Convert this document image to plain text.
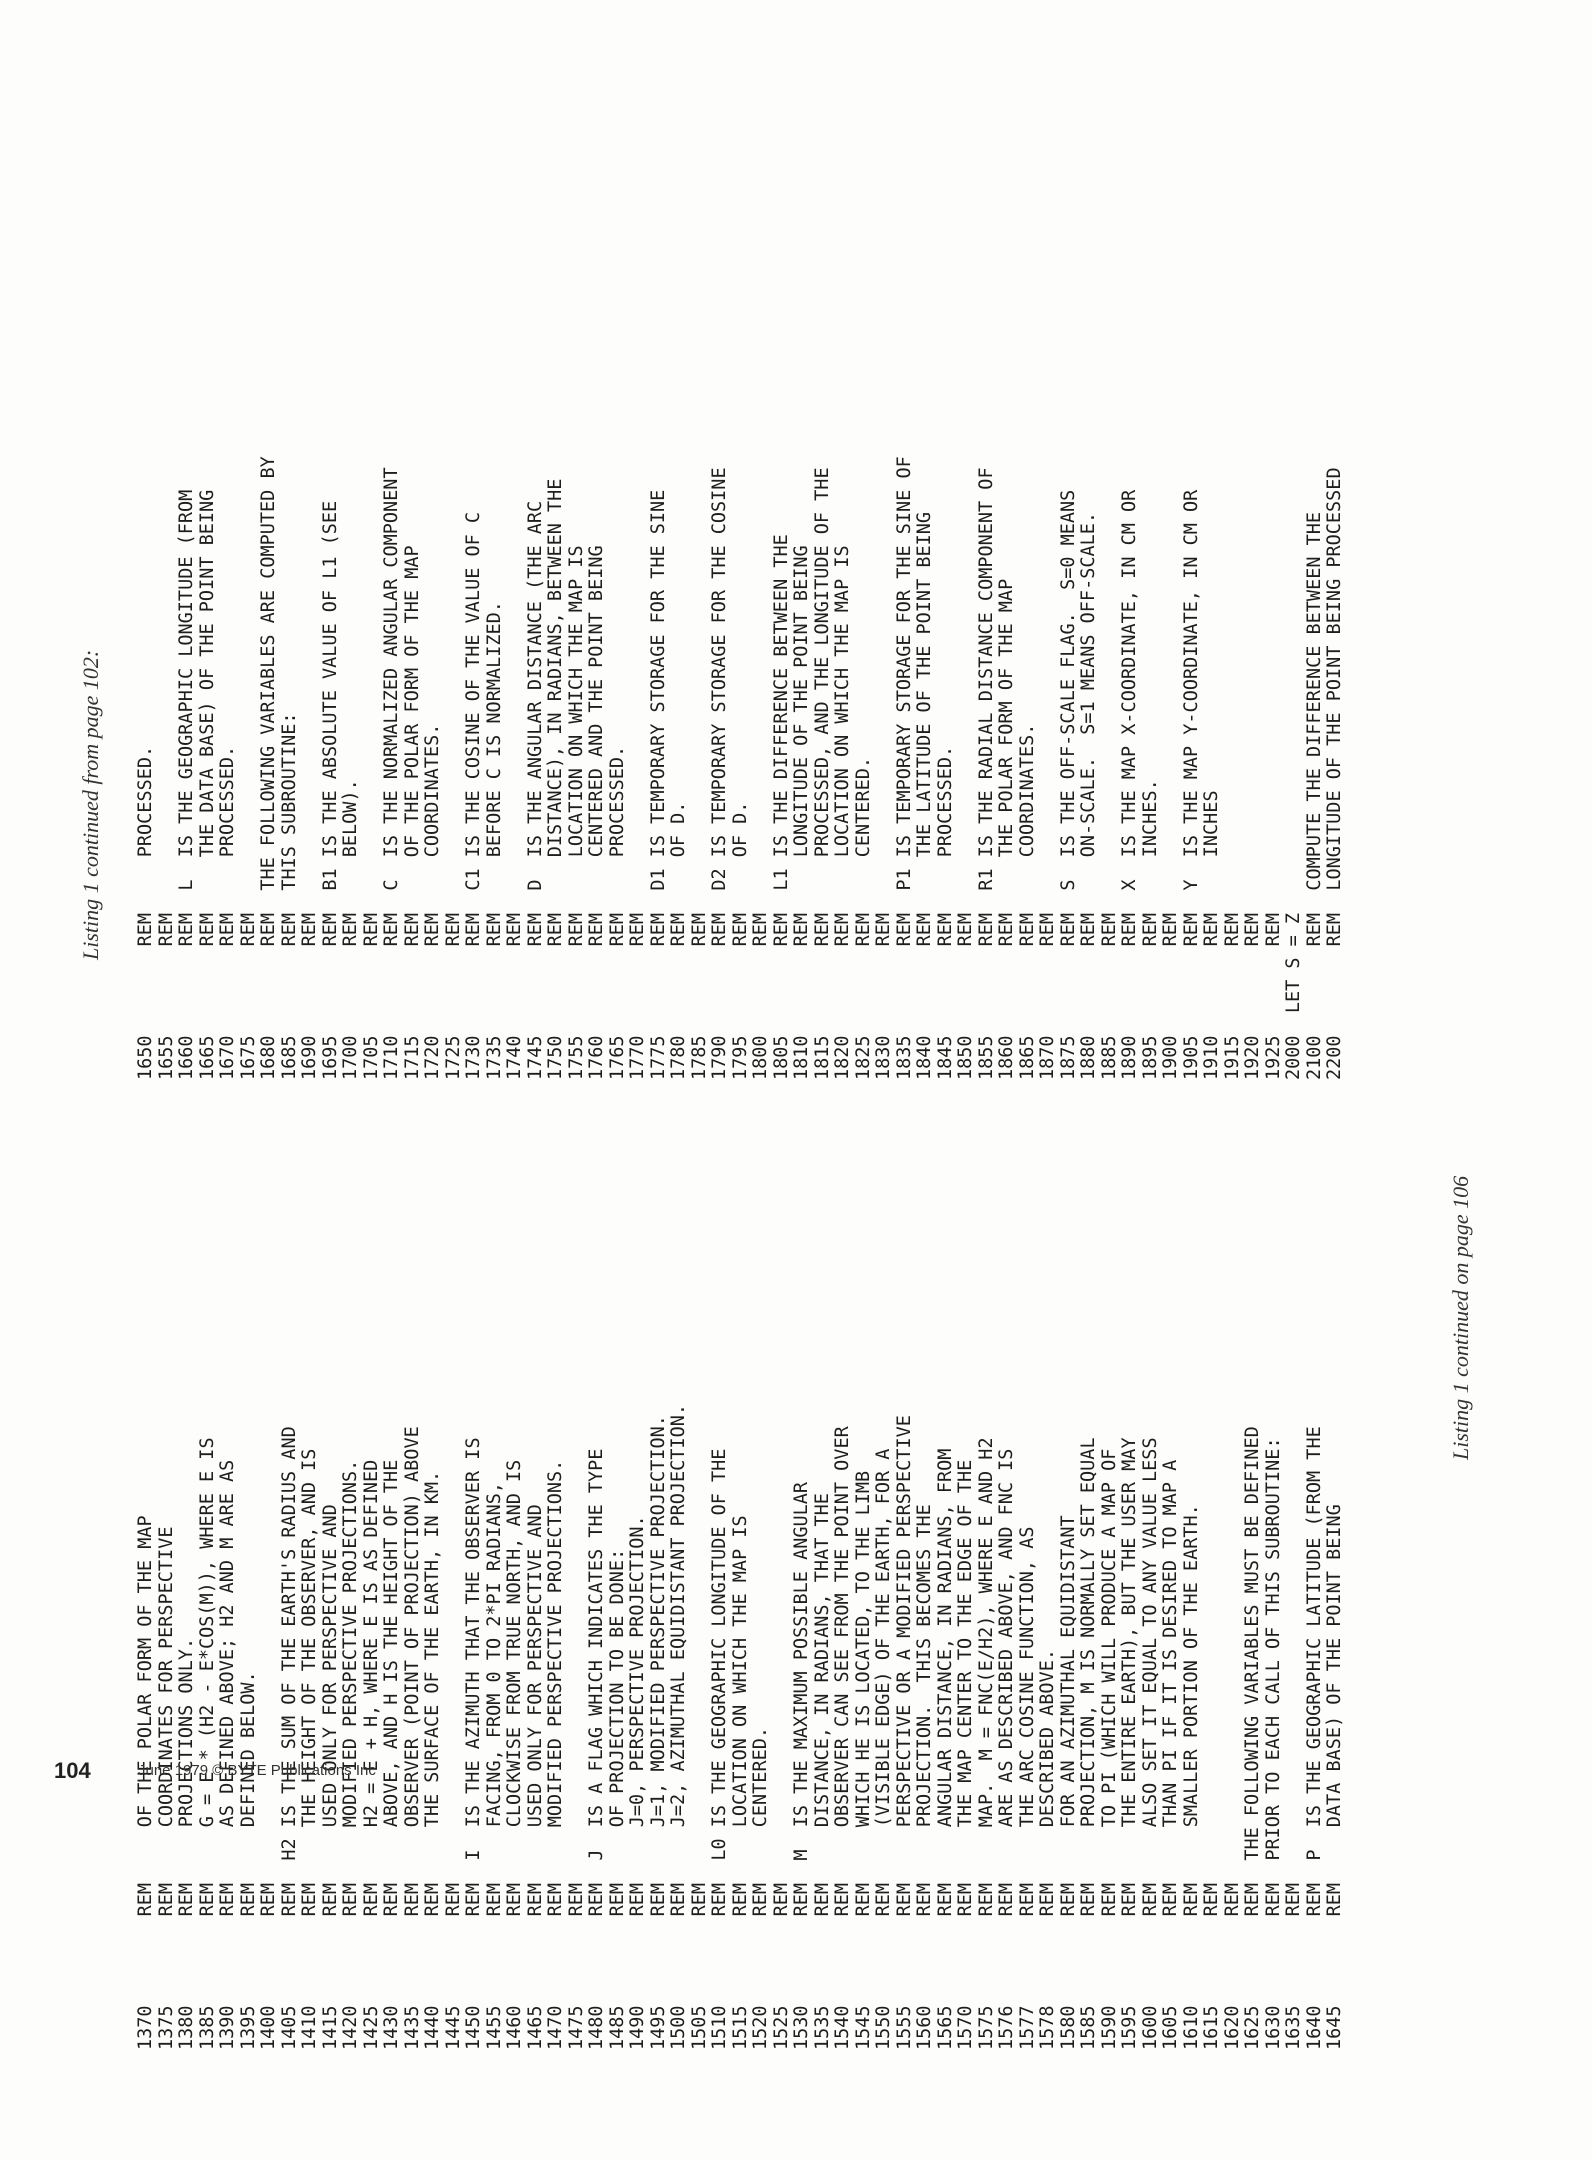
Listing 1 continued from page 102:
1370        REM     OF THE POLAR FORM OF THE MAP 1375        REM     COORDINATES FOR PERSPECTIVE 1380        REM     PROJECTIONS ONLY. 1385        REM     G = E * (H2 - E*COS(M)), WHERE E IS 1390        REM     AS DEFINED ABOVE; H2 AND M ARE AS 1395        REM     DEFINED BELOW. 1400        REM 1405        REM  H2 IS THE SUM OF THE EARTH'S RADIUS AND 1410        REM     THE HEIGHT OF THE OBSERVER, AND IS 1415        REM     USED ONLY FOR PERSPECTIVE AND 1420        REM     MODIFIED PERSPECTIVE PROJECTIONS. 1425        REM     H2 = E + H, WHERE E IS AS DEFINED 1430        REM     ABOVE, AND H IS THE HEIGHT OF THE 1435        REM     OBSERVER (POINT OF PROJECTION) ABOVE 1440        REM     THE SURFACE OF THE EARTH, IN KM. 1445        REM 1450        REM  I  IS THE AZIMUTH THAT THE OBSERVER IS 1455        REM     FACING, FROM 0 TO 2*PI RADIANS, 1460        REM     CLOCKWISE FROM TRUE NORTH, AND IS 1465        REM     USED ONLY FOR PERSPECTIVE AND 1470        REM     MODIFIED PERSPECTIVE PROJECTIONS. 1475        REM 1480        REM  J  IS A FLAG WHICH INDICATES THE TYPE 1485        REM     OF PROJECTION TO BE DONE: 1490        REM     J=0, PERSPECTIVE PROJECTION. 1495        REM     J=1, MODIFIED PERSPECTIVE PROJECTION. 1500        REM     J=2, AZIMUTHAL EQUIDISTANT PROJECTION. 1505        REM 1510        REM  L0 IS THE GEOGRAPHIC LONGITUDE OF THE 1515        REM     LOCATION ON WHICH THE MAP IS 1520        REM     CENTERED. 1525        REM 1530        REM  M  IS THE MAXIMUM POSSIBLE ANGULAR 1535        REM     DISTANCE, IN RADIANS, THAT THE 1540        REM     OBSERVER CAN SEE FROM THE POINT OVER 1545        REM     WHICH HE IS LOCATED, TO THE LIMB 1550        REM     (VISIBLE EDGE) OF THE EARTH, FOR A 1555        REM     PERSPECTIVE OR A MODIFIED PERSPECTIVE 1560        REM     PROJECTION.  THIS BECOMES THE 1565        REM     ANGULAR DISTANCE, IN RADIANS, FROM 1570        REM     THE MAP CENTER TO THE EDGE OF THE 1575        REM     MAP.  M = FNC(E/H2), WHERE E AND H2 1576        REM     ARE AS DESCRIBED ABOVE, AND FNC IS 1577        REM     THE ARC COSINE FUNCTION, AS 1578        REM     DESCRIBED ABOVE. 1580        REM     FOR AN AZIMUTHAL EQUIDISTANT 1585        REM     PROJECTION, M IS NORMALLY SET EQUAL 1590        REM     TO PI (WHICH WILL PRODUCE A MAP OF 1595        REM     THE ENTIRE EARTH), BUT THE USER MAY 1600        REM     ALSO SET IT EQUAL TO ANY VALUE LESS 1605        REM     THAN PI IF IT IS DESIRED TO MAP A 1610        REM     SMALLER PORTION OF THE EARTH. 1615        REM 1620        REM 1625        REM  THE FOLLOWING VARIABLES MUST BE DEFINED 1630        REM  PRIOR TO EACH CALL OF THIS SUBROUTINE: 1635        REM 1640        REM  P  IS THE GEOGRAPHIC LATITUDE (FROM THE 1645        REM     DATA BASE) OF THE POINT BEING
1650        REM     PROCESSED. 1655        REM 1660        REM  L  IS THE GEOGRAPHIC LONGITUDE (FROM 1665        REM     THE DATA BASE) OF THE POINT BEING 1670        REM     PROCESSED. 1675        REM 1680        REM  THE FOLLOWING VARIABLES ARE COMPUTED BY 1685        REM  THIS SUBROUTINE: 1690        REM 1695        REM  B1 IS THE ABSOLUTE VALUE OF L1 (SEE 1700        REM     BELOW). 1705        REM 1710        REM  C  IS THE NORMALIZED ANGULAR COMPONENT 1715        REM     OF THE POLAR FORM OF THE MAP 1720        REM     COORDINATES. 1725        REM 1730        REM  C1 IS THE COSINE OF THE VALUE OF C 1735        REM     BEFORE C IS NORMALIZED. 1740        REM 1745        REM  D  IS THE ANGULAR DISTANCE (THE ARC 1750        REM     DISTANCE), IN RADIANS, BETWEEN THE 1755        REM     LOCATION ON WHICH THE MAP IS 1760        REM     CENTERED AND THE POINT BEING 1765        REM     PROCESSED. 1770        REM 1775        REM  D1 IS TEMPORARY STORAGE FOR THE SINE 1780        REM     OF D. 1785        REM 1790        REM  D2 IS TEMPORARY STORAGE FOR THE COSINE 1795        REM     OF D. 1800        REM 1805        REM  L1 IS THE DIFFERENCE BETWEEN THE 1810        REM     LONGITUDE OF THE POINT BEING 1815        REM     PROCESSED, AND THE LONGITUDE OF THE 1820        REM     LOCATION ON WHICH THE MAP IS 1825        REM     CENTERED. 1830        REM 1835        REM  P1 IS TEMPORARY STORAGE FOR THE SINE OF 1840        REM     THE LATITUDE OF THE POINT BEING 1845        REM     PROCESSED. 1850        REM 1855        REM  R1 IS THE RADIAL DISTANCE COMPONENT OF 1860        REM     THE POLAR FORM OF THE MAP 1865        REM     COORDINATES. 1870        REM 1875        REM  S  IS THE OFF-SCALE FLAG.  S=0 MEANS 1880        REM     ON-SCALE.  S=1 MEANS OFF-SCALE. 1885        REM 1890        REM  X  IS THE MAP X-COORDINATE, IN CM OR 1895        REM     INCHES. 1900        REM 1905        REM  Y  IS THE MAP Y-COORDINATE, IN CM OR 1910        REM     INCHES 1915        REM 1920        REM 1925        REM 2000  LET S = Z 2100        REM  COMPUTE THE DIFFERENCE BETWEEN THE 2200        REM  LONGITUDE OF THE POINT BEING PROCESSED
Listing 1 continued on page 106
104	June 1979 © BYTE Publications Inc
